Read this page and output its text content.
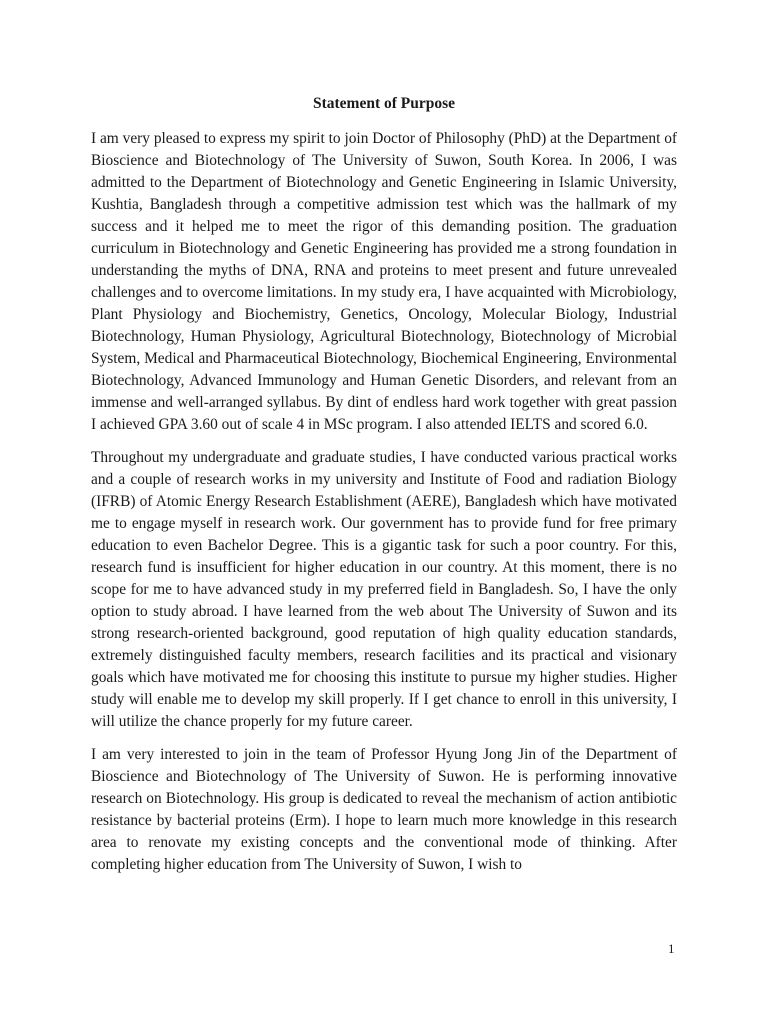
Statement of Purpose

I am very pleased to express my spirit to join Doctor of Philosophy (PhD) at the Department of Bioscience and Biotechnology of The University of Suwon, South Korea. In 2006, I was admitted to the Department of Biotechnology and Genetic Engineering in Islamic University, Kushtia, Bangladesh through a competitive admission test which was the hallmark of my success and it helped me to meet the rigor of this demanding position. The graduation curriculum in Biotechnology and Genetic Engineering has provided me a strong foundation in understanding the myths of DNA, RNA and proteins to meet present and future unrevealed challenges and to overcome limitations. In my study era, I have acquainted with Microbiology, Plant Physiology and Biochemistry, Genetics, Oncology, Molecular Biology, Industrial Biotechnology, Human Physiology, Agricultural Biotechnology, Biotechnology of Microbial System, Medical and Pharmaceutical Biotechnology, Biochemical Engineering, Environmental Biotechnology, Advanced Immunology and Human Genetic Disorders, and relevant from an immense and well-arranged syllabus. By dint of endless hard work together with great passion I achieved GPA 3.60 out of scale 4 in MSc program. I also attended IELTS and scored 6.0.

Throughout my undergraduate and graduate studies, I have conducted various practical works and a couple of research works in my university and Institute of Food and radiation Biology (IFRB) of Atomic Energy Research Establishment (AERE), Bangladesh which have motivated me to engage myself in research work. Our government has to provide fund for free primary education to even Bachelor Degree. This is a gigantic task for such a poor country. For this, research fund is insufficient for higher education in our country. At this moment, there is no scope for me to have advanced study in my preferred field in Bangladesh. So, I have the only option to study abroad. I have learned from the web about The University of Suwon and its strong research-oriented background, good reputation of high quality education standards, extremely distinguished faculty members, research facilities and its practical and visionary goals which have motivated me for choosing this institute to pursue my higher studies. Higher study will enable me to develop my skill properly. If I get chance to enroll in this university, I will utilize the chance properly for my future career.

I am very interested to join in the team of Professor Hyung Jong Jin of the Department of Bioscience and Biotechnology of The University of Suwon. He is performing innovative research on Biotechnology. His group is dedicated to reveal the mechanism of action antibiotic resistance by bacterial proteins (Erm). I hope to learn much more knowledge in this research area to renovate my existing concepts and the conventional mode of thinking. After completing higher education from The University of Suwon, I wish to

1
